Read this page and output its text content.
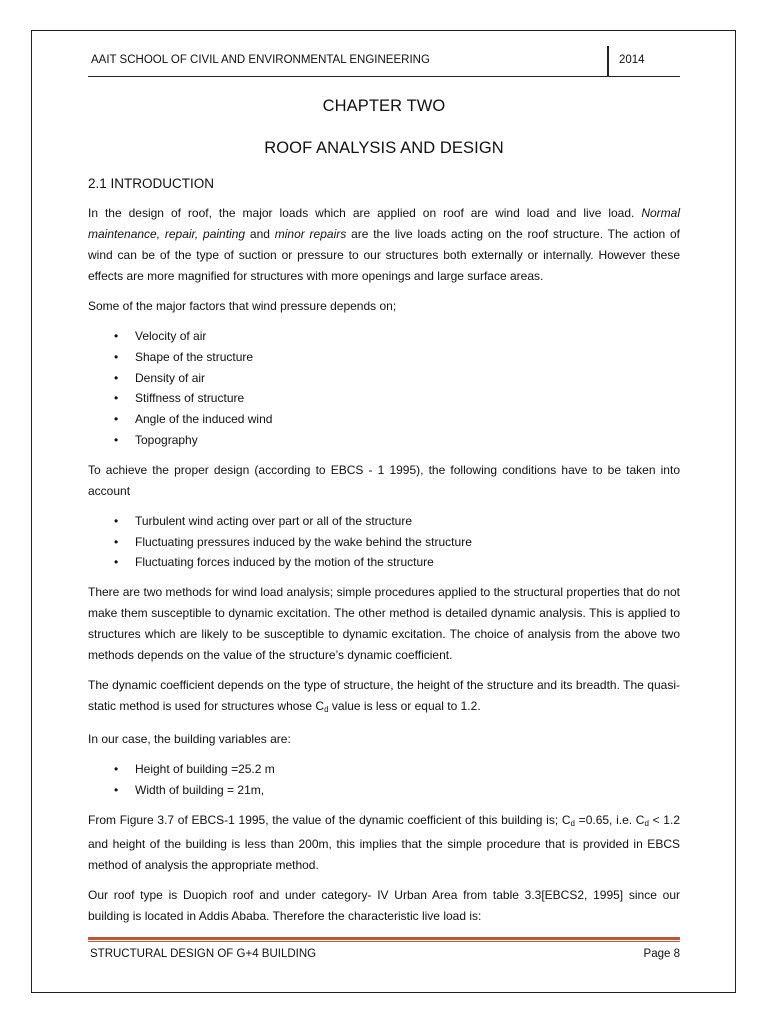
AAIT SCHOOL OF CIVIL AND ENVIRONMENTAL ENGINEERING	2014
CHAPTER TWO
ROOF ANALYSIS AND DESIGN
2.1 INTRODUCTION

In the design of roof, the major loads which are applied on roof are wind load and live load. Normal maintenance, repair, painting and minor repairs are the live loads acting on the roof structure. The action of wind can be of the type of suction or pressure to our structures both externally or internally. However these effects are more magnified for structures with more openings and large surface areas.

Some of the major factors that wind pressure depends on;

• Velocity of air
• Shape of the structure
• Density of air
• Stiffness of structure
• Angle of the induced wind
• Topography

To achieve the proper design (according to EBCS - 1 1995), the following conditions have to be taken into account

• Turbulent wind acting over part or all of the structure
• Fluctuating pressures induced by the wake behind the structure
• Fluctuating forces induced by the motion of the structure

There are two methods for wind load analysis; simple procedures applied to the structural properties that do not make them susceptible to dynamic excitation. The other method is detailed dynamic analysis. This is applied to structures which are likely to be susceptible to dynamic excitation. The choice of analysis from the above two methods depends on the value of the structure’s dynamic coefficient.

The dynamic coefficient depends on the type of structure, the height of the structure and its breadth. The quasi-static method is used for structures whose $C_d$ value is less or equal to 1.2.

In our case, the building variables are:

• Height of building =25.2 m
• Width of building = 21m,

From Figure 3.7 of EBCS-1 1995, the value of the dynamic coefficient of this building is; $C_d =0.65$, i.e. $C_d < 1.2$ and height of the building is less than 200m, this implies that the simple procedure that is provided in EBCS method of analysis the appropriate method.

Our roof type is Duopich roof and under category- IV Urban Area from table 3.3[EBCS2, 1995] since our building is located in Addis Ababa. Therefore the characteristic live load is:

STRUCTURAL DESIGN OF G+4 BUILDING	Page 8
